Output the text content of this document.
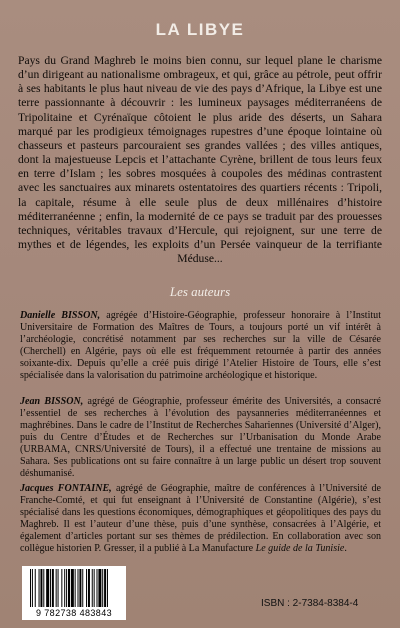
LA LIBYE

Pays du Grand Maghreb le moins bien connu, sur lequel plane le charisme d’un dirigeant au nationalisme ombrageux, et qui, grâce au pétrole, peut offrir à ses habitants le plus haut niveau de vie des pays d’Afrique, la Libye est une terre passionnante à découvrir : les lumineux paysages méditerranéens de Tripolitaine et Cyrénaïque côtoient le plus aride des déserts, un Sahara marqué par les prodigieux témoignages rupestres d’une époque lointaine où chasseurs et pasteurs parcouraient ses grandes vallées ; des villes antiques, dont la majestueuse Lepcis et l’attachante Cyrène, brillent de tous leurs feux en terre d’Islam ; les sobres mosquées à coupoles des médinas contrastent avec les sanctuaires aux minarets ostentatoires des quartiers récents : Tripoli, la capitale, résume à elle seule plus de deux millénaires d’histoire méditerranéenne ; enfin, la modernité de ce pays se traduit par des prouesses techniques, véritables travaux d’Hercule, qui rejoignent, sur une terre de mythes et de légendes, les exploits d’un Persée vainqueur de la terrifiante Méduse...

Les auteurs

Danielle BISSON, agrégée d’Histoire-Géographie, professeur honoraire à l’Institut Universitaire de Formation des Maîtres de Tours, a toujours porté un vif intérêt à l’archéologie, concrétisé notamment par ses recherches sur la ville de Césarée (Cherchell) en Algérie, pays où elle est fréquemment retournée à partir des années soixante-dix. Depuis qu’elle a créé puis dirigé l’Atelier Histoire de Tours, elle s’est spécialisée dans la valorisation du patrimoine archéologique et historique.

Jean BISSON, agrégé de Géographie, professeur émérite des Universités, a consacré l’essentiel de ses recherches à l’évolution des paysanneries méditerranéennes et maghrébines. Dans le cadre de l’Institut de Recherches Sahariennes (Université d’Alger), puis du Centre d’Études et de Recherches sur l’Urbanisation du Monde Arabe (URBAMA, CNRS/Université de Tours), il a effectué une trentaine de missions au Sahara. Ses publications ont su faire connaître à un large public un désert trop souvent déshumanisé.

Jacques FONTAINE, agrégé de Géographie, maître de conférences à l’Université de Franche-Comté, et qui fut enseignant à l’Université de Constantine (Algérie), s’est spécialisé dans les questions économiques, démographiques et géopolitiques des pays du Maghreb. Il est l’auteur d’une thèse, puis d’une synthèse, consacrées à l’Algérie, et également d’articles portant sur ses thèmes de prédilection. En collaboration avec son collègue historien P. Gresser, il a publié à La Manufacture Le guide de la Tunisie.

9 782738 483843
ISBN : 2-7384-8384-4
